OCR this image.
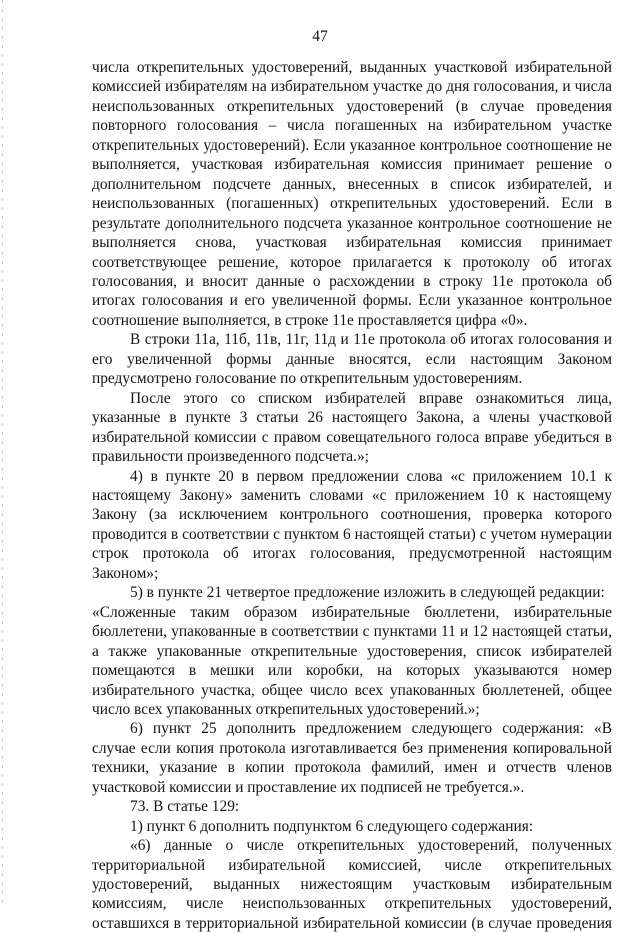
47

числа открепительных удостоверений, выданных участковой избирательной комиссией избирателям на избирательном участке до дня голосования, и числа неиспользованных открепительных удостоверений (в случае проведения повторного голосования – числа погашенных на избирательном участке открепительных удостоверений). Если указанное контрольное соотношение не выполняется, участковая избирательная комиссия принимает решение о дополнительном подсчете данных, внесенных в список избирателей, и неиспользованных (погашенных) открепительных удостоверений. Если в результате дополнительного подсчета указанное контрольное соотношение не выполняется снова, участковая избирательная комиссия принимает соответствующее решение, которое прилагается к протоколу об итогах голосования, и вносит данные о расхождении в строку 11е протокола об итогах голосования и его увеличенной формы. Если указанное контрольное соотношение выполняется, в строке 11е проставляется цифра «0».

В строки 11а, 11б, 11в, 11г, 11д и 11е протокола об итогах голосования и его увеличенной формы данные вносятся, если настоящим Законом предусмотрено голосование по открепительным удостоверениям.

После этого со списком избирателей вправе ознакомиться лица, указанные в пункте 3 статьи 26 настоящего Закона, а члены участковой избирательной комиссии с правом совещательного голоса вправе убедиться в правильности произведенного подсчета.»;

4) в пункте 20 в первом предложении слова «с приложением 10.1 к настоящему Закону» заменить словами «с приложением 10 к настоящему Закону (за исключением контрольного соотношения, проверка которого проводится в соответствии с пунктом 6 настоящей статьи) с учетом нумерации строк протокола об итогах голосования, предусмотренной настоящим Законом»;

5) в пункте 21 четвертое предложение изложить в следующей редакции:

«Сложенные таким образом избирательные бюллетени, избирательные бюллетени, упакованные в соответствии с пунктами 11 и 12 настоящей статьи, а также упакованные открепительные удостоверения, список избирателей помещаются в мешки или коробки, на которых указываются номер избирательного участка, общее число всех упакованных бюллетеней, общее число всех упакованных открепительных удостоверений.»;

6) пункт 25 дополнить предложением следующего содержания: «В случае если копия протокола изготавливается без применения копировальной техники, указание в копии протокола фамилий, имен и отчеств членов участковой комиссии и проставление их подписей не требуется.».

73. В статье 129:

1) пункт 6 дополнить подпунктом 6 следующего содержания:

«6) данные о числе открепительных удостоверений, полученных территориальной избирательной комиссией, числе открепительных удостоверений, выданных нижестоящим участковым избирательным комиссиям, числе неиспользованных открепительных удостоверений, оставшихся в территориальной избирательной комиссии (в случае проведения
